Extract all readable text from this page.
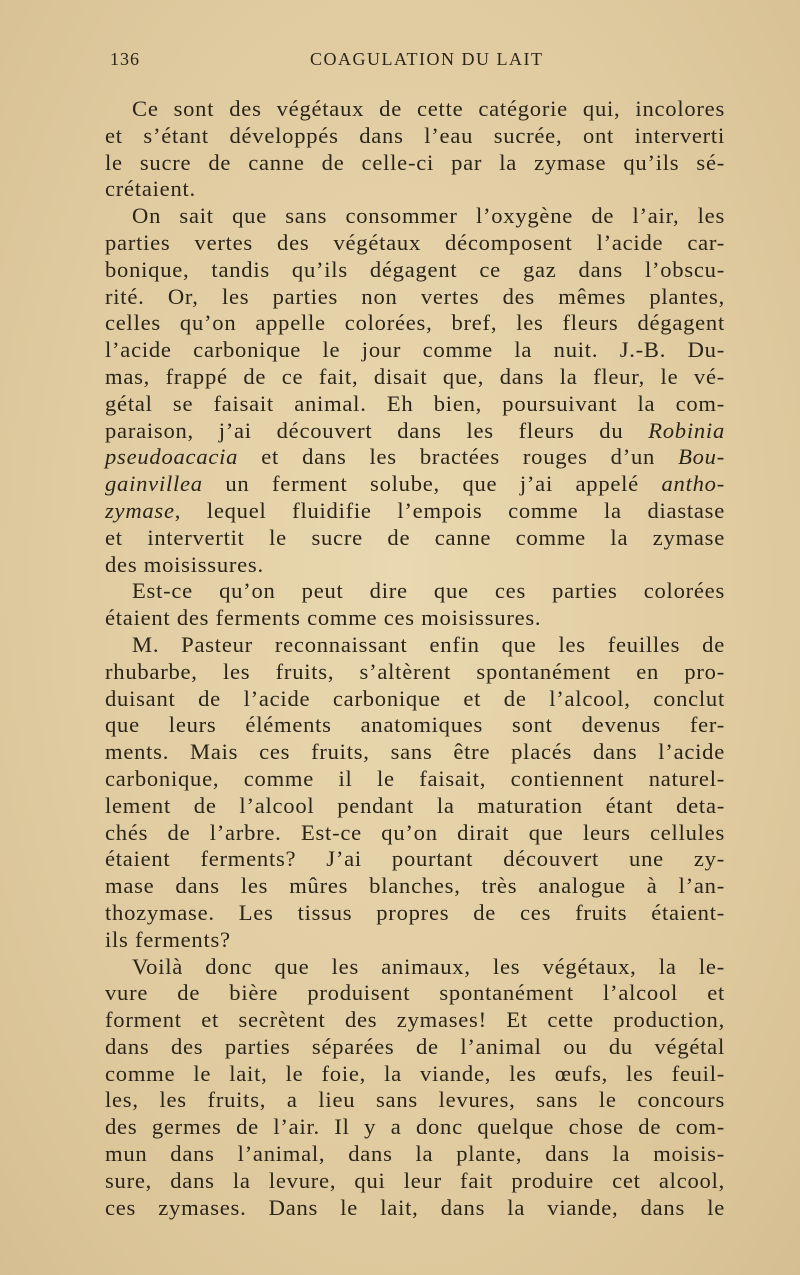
136	COAGULATION DU LAIT
Ce sont des végétaux de cette catégorie qui, incolores
et s’étant développés dans l’eau sucrée, ont interverti
le sucre de canne de celle-ci par la zymase qu’ils sé-
crétaient.
On sait que sans consommer l’oxygène de l’air, les
parties vertes des végétaux décomposent l’acide car-
bonique, tandis qu’ils dégagent ce gaz dans l’obscu-
rité. Or, les parties non vertes des mêmes plantes,
celles qu’on appelle colorées, bref, les fleurs dégagent
l’acide carbonique le jour comme la nuit. J.-B. Du-
mas, frappé de ce fait, disait que, dans la fleur, le vé-
gétal se faisait animal. Eh bien, poursuivant la com-
paraison, j’ai découvert dans les fleurs du Robinia
pseudoacacia et dans les bractées rouges d’un Bou-
gainvillea un ferment solube, que j’ai appelé antho-
zymase, lequel fluidifie l’empois comme la diastase
et intervertit le sucre de canne comme la zymase
des moisissures.
Est-ce qu’on peut dire que ces parties colorées
étaient des ferments comme ces moisissures.
M. Pasteur reconnaissant enfin que les feuilles de
rhubarbe, les fruits, s’altèrent spontanément en pro-
duisant de l’acide carbonique et de l’alcool, conclut
que leurs éléments anatomiques sont devenus fer-
ments. Mais ces fruits, sans être placés dans l’acide
carbonique, comme il le faisait, contiennent naturel-
lement de l’alcool pendant la maturation étant deta-
chés de l’arbre. Est-ce qu’on dirait que leurs cellules
étaient ferments? J’ai pourtant découvert une zy-
mase dans les mûres blanches, très analogue à l’an-
thozymase. Les tissus propres de ces fruits étaient-
ils ferments?
Voilà donc que les animaux, les végétaux, la le-
vure de bière produisent spontanément l’alcool et
forment et secrètent des zymases! Et cette production,
dans des parties séparées de l’animal ou du végétal
comme le lait, le foie, la viande, les œufs, les feuil-
les, les fruits, a lieu sans levures, sans le concours
des germes de l’air. Il y a donc quelque chose de com-
mun dans l’animal, dans la plante, dans la moisis-
sure, dans la levure, qui leur fait produire cet alcool,
ces zymases. Dans le lait, dans la viande, dans le
